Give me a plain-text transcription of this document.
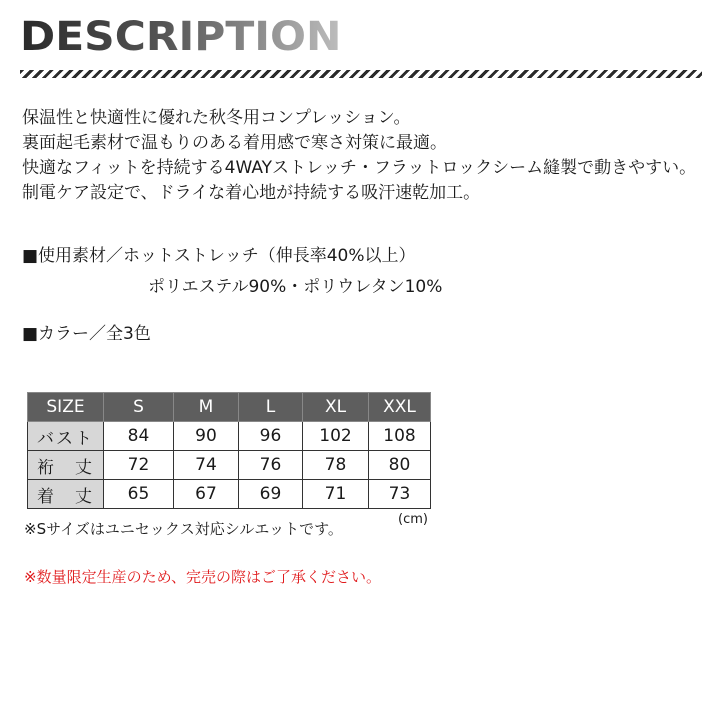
DESCRIPTION
保温性と快適性に優れた秋冬用コンプレッション。
裏面起毛素材で温もりのある着用感で寒さ対策に最適。
快適なフィットを持続する4WAYストレッチ・フラットロックシーム縫製で動きやすい。
制電ケア設定で、ドライな着心地が持続する吸汗速乾加工。
■使用素材／ホットストレッチ（伸長率40%以上）
ポリエステル90%・ポリウレタン10%
■カラー／全3色
SIZE	S	M	L	XL	XXL
バスト	84	90	96	102	108
裄　丈	72	74	76	78	80
着　丈	65	67	69	71	73
(cm)
※Sサイズはユニセックス対応シルエットです。
※数量限定生産のため、完売の際はご了承ください。
